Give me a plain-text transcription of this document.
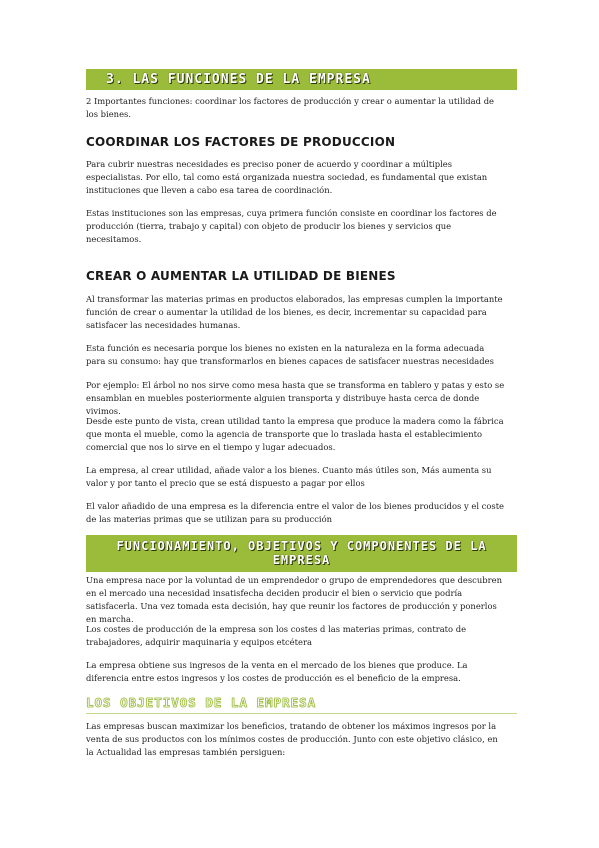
3. LAS FUNCIONES DE LA EMPRESA

2 Importantes funciones: coordinar los factores de producción y crear o aumentar la utilidad de los bienes.

COORDINAR LOS FACTORES DE PRODUCCION

Para cubrir nuestras necesidades es preciso poner de acuerdo y coordinar a múltiples especialistas. Por ello, tal como está organizada nuestra sociedad, es fundamental que existan instituciones que lleven a cabo esa tarea de coordinación.

Estas instituciones son las empresas, cuya primera función consiste en coordinar los factores de producción (tierra, trabajo y capital) con objeto de producir los bienes y servicios que necesitamos.

CREAR O AUMENTAR LA UTILIDAD DE BIENES

Al transformar las materias primas en productos elaborados, las empresas cumplen la importante función de crear o aumentar la utilidad de los bienes, es decir, incrementar su capacidad para satisfacer las necesidades humanas.

Esta función es necesaria porque los bienes no existen en la naturaleza en la forma adecuada para su consumo: hay que transformarlos en bienes capaces de satisfacer nuestras necesidades

Por ejemplo: El árbol no nos sirve como mesa hasta que se transforma en tablero y patas y esto se ensamblan en muebles posteriormente alguien transporta y distribuye hasta cerca de donde vivimos.

Desde este punto de vista, crean utilidad tanto la empresa que produce la madera como la fábrica que monta el mueble, como la agencia de transporte que lo traslada hasta el establecimiento comercial que nos lo sirve en el tiempo y lugar adecuados.

La empresa, al crear utilidad, añade valor a los bienes. Cuanto más útiles son, Más aumenta su valor y por tanto el precio que se está dispuesto a pagar por ellos

El valor añadido de una empresa es la diferencia entre el valor de los bienes producidos y el coste de las materias primas que se utilizan para su producción

FUNCIONAMIENTO, OBJETIVOS Y COMPONENTES DE LA
EMPRESA

Una empresa nace por la voluntad de un emprendedor o grupo de emprendedores que descubren en el mercado una necesidad insatisfecha deciden producir el bien o servicio que podría satisfacerla. Una vez tomada esta decisión, hay que reunir los factores de producción y ponerlos en marcha.

Los costes de producción de la empresa son los costes d las materias primas, contrato de trabajadores, adquirir maquinaria y equipos etcétera

La empresa obtiene sus ingresos de la venta en el mercado de los bienes que produce. La diferencia entre estos ingresos y los costes de producción es el beneficio de la empresa.

LOS OBJETIVOS DE LA EMPRESA

Las empresas buscan maximizar los beneficios, tratando de obtener los máximos ingresos por la venta de sus productos con los mínimos costes de producción. Junto con este objetivo clásico, en la Actualidad las empresas también persiguen:
